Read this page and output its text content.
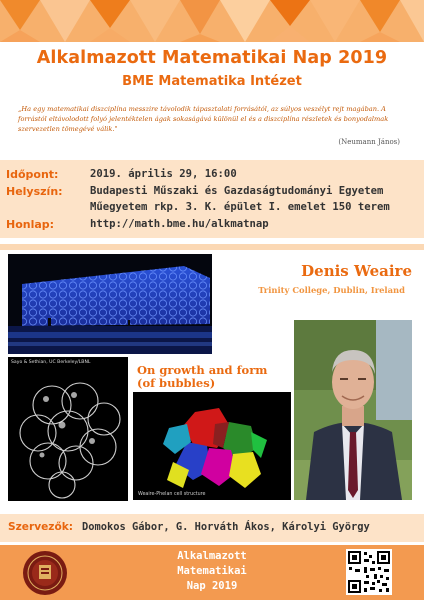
Alkalmazott Matematikai Nap 2019
BME Matematika Intézet
„Ha egy matematikai diszciplína messzire távolodik tápasztalati forrásától, az súlyos veszélyt rejt magában. A forrástól eltávolodott folyó jelentéktelen ágak sokaságává különül el és a diszciplína részletek és bonyodalmak szervezetlen tömegévé válik."
(Neumann János)
Időpont:	2019. április 29, 16:00
Helyszín:	Budapesti Műszaki és Gazdaságtudományi Egyetem
Műegyetem rkp. 3. K. épület I. emelet 150 terem
Honlap:	http://math.bme.hu/alkmatnap
Denis Weaire
Trinity College, Dublin, Ireland
Sayo & Sethian, UC Berkeley/LBNL
On growth and form
(of bubbles)
Weaire-Phelan cell structure
Szervezők: Domokos Gábor, G. Horváth Ákos, Károlyi György
Alkalmazott
Matematikai
Nap 2019
